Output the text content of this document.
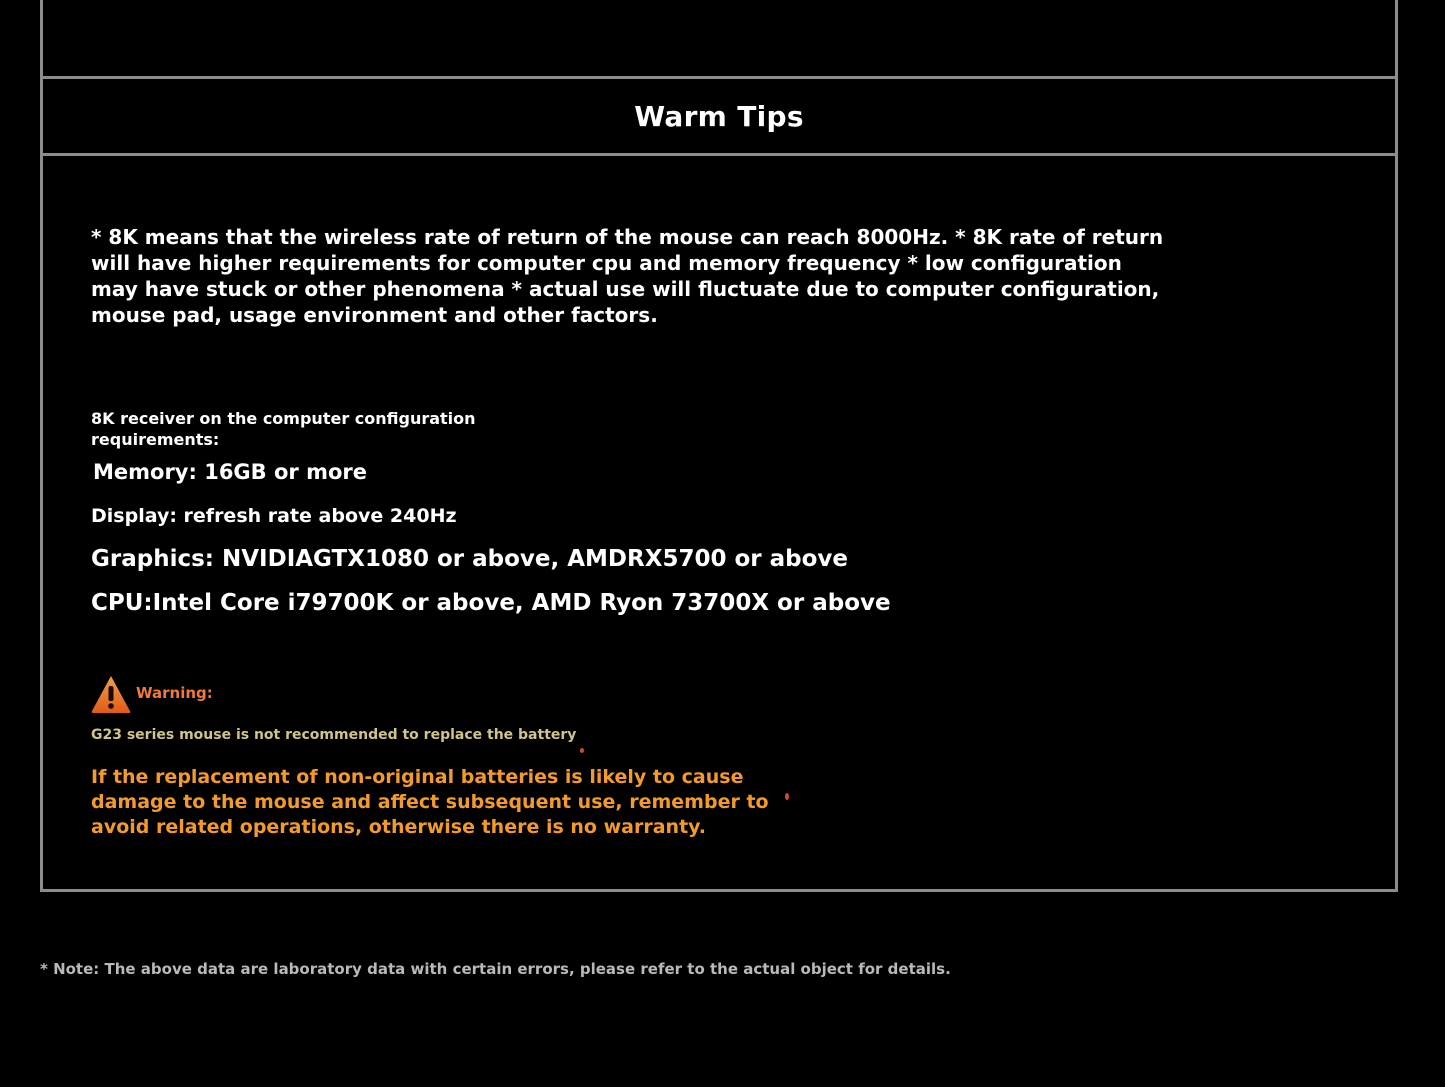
Warm Tips
* 8K means that the wireless rate of return of the mouse can reach 8000Hz. * 8K rate of return will have higher requirements for computer cpu and memory frequency * low configuration may have stuck or other phenomena * actual use will fluctuate due to computer configuration, mouse pad, usage environment and other factors.
8K receiver on the computer configuration requirements:
Memory: 16GB or more
Display: refresh rate above 240Hz
Graphics: NVIDIAGTX1080 or above, AMDRX5700 or above
CPU:Intel Core i79700K or above, AMD Ryon 73700X or above
Warning:
G23 series mouse is not recommended to replace the battery
If the replacement of non-original batteries is likely to cause damage to the mouse and affect subsequent use, remember to avoid related operations, otherwise there is no warranty.
* Note: The above data are laboratory data with certain errors, please refer to the actual object for details.
